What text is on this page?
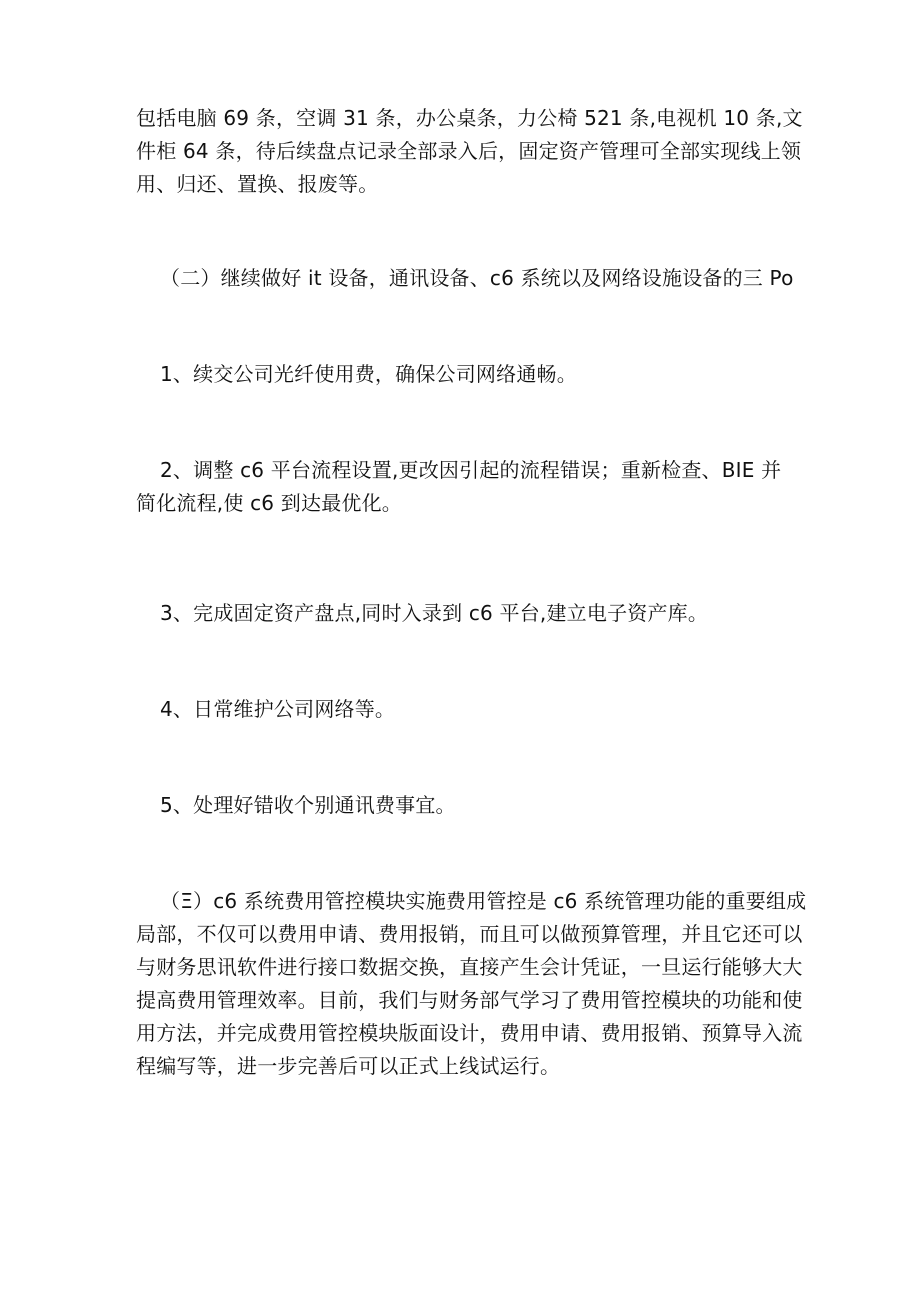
包括电脑 69 条，空调 31 条，办公桌条，力公椅 521 条,电视机 10 条,文
件柜 64 条，待后续盘点记录全部录入后，固定资产管理可全部实现线上领
用、归还、置换、报废等。

（二）继续做好 it 设备，通讯设备、c6 系统以及网络设施设备的三 Po

1、续交公司光纤使用费，确保公司网络通畅。

2、调整 c6 平台流程设置,更改因引起的流程错误；重新检查、BIE 并
简化流程,使 c6 到达最优化。

3、完成固定资产盘点,同时入录到 c6 平台,建立电子资产库。

4、日常维护公司网络等。

5、处理好错收个别通讯费事宜。

（Ξ）c6 系统费用管控模块实施费用管控是 c6 系统管理功能的重要组成
局部，不仅可以费用申请、费用报销，而且可以做预算管理，并且它还可以
与财务思讯软件进行接口数据交换，直接产生会计凭证，一旦运行能够大大
提高费用管理效率。目前，我们与财务部气学习了费用管控模块的功能和使
用方法，并完成费用管控模块版面设计，费用申请、费用报销、预算导入流
程编写等，进一步完善后可以正式上线试运行。
